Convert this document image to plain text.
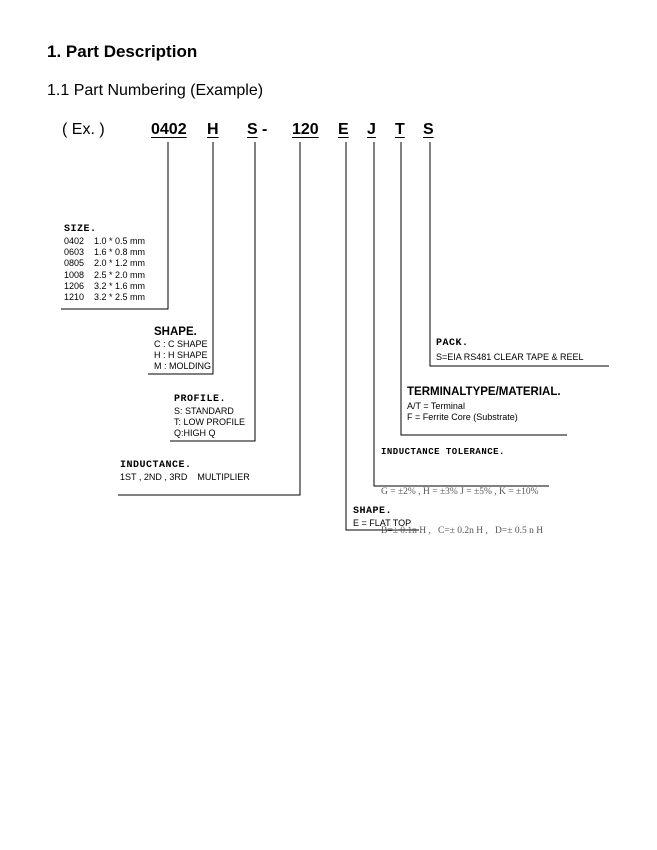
1. Part Description
1.1 Part Numbering (Example)
( Ex. )	0402 H S - 120 E J T S
SIZE.
0402	1.0 * 0.5 mm
0603	1.6 * 0.8 mm
0805	2.0 * 1.2 mm
1008	2.5 * 2.0 mm
1206	3.2 * 1.6 mm
1210	3.2 * 2.5 mm
SHAPE.
C : C SHAPE
H : H SHAPE
M : MOLDING
PROFILE.
S: STANDARD
T: LOW PROFILE
Q:HIGH Q
INDUCTANCE.
1ST , 2ND , 3RD    MULTIPLIER
SHAPE.
E = FLAT TOP
INDUCTANCE TOLERANCE.

G = ±2% , H = ±3% J = ±5% , K = ±10%

B=± 0.1n H ,   C=± 0.2n H ,   D=± 0.5 n H

TERMINALTYPE/MATERIAL.
A/T = Terminal
F = Ferrite Core (Substrate)
PACK.
S=EIA RS481 CLEAR TAPE & REEL
